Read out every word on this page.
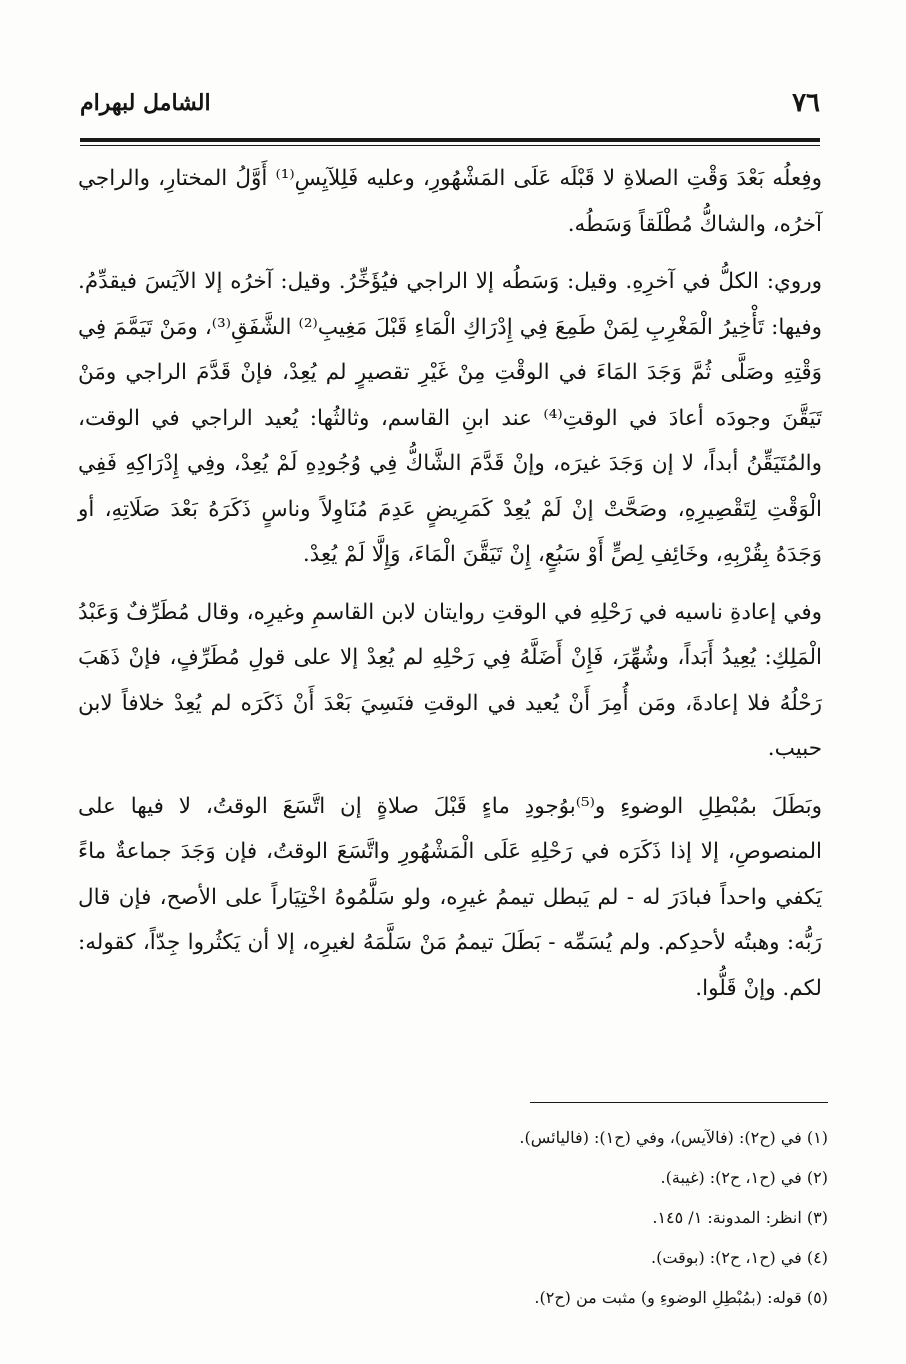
٧٦
الشامل لبهرام

وفِعلُه بَعْدَ وَقْتِ الصلاةِ لا قَبْلَه عَلَى المَشْهُورِ، وعليه فَلِلآيِسِ⁽¹⁾ أَوَّلُ المختارِ، والراجي آخرُه، والشاكُّ مُطْلَقاً وَسَطُه.

وروي: الكلُّ في آخرِهِ. وقيل: وَسَطُه إلا الراجي فيُؤَخِّرُ. وقيل: آخرُه إلا الآيَسَ فيقدِّمُ. وفيها: تَأْخِيرُ الْمَغْرِبِ لِمَنْ طَمِعَ فِي إِدْرَاكِ الْمَاءِ قَبْلَ مَغِيبِ⁽²⁾ الشَّفَقِ⁽³⁾، ومَنْ تَيَمَّمَ فِي وَقْتِهِ وصَلَّى ثُمَّ وَجَدَ المَاءَ في الوقْتِ مِنْ غَيْرِ تقصيرٍ لم يُعِدْ، فإنْ قَدَّمَ الراجي ومَنْ تَيَقَّنَ وجودَه أعادَ في الوقتِ⁽⁴⁾ عند ابنِ القاسم، وثالثُها: يُعيد الراجي في الوقت، والمُتَيَقِّنُ أبداً، لا إن وَجَدَ غيرَه، وإنْ قَدَّمَ الشَّاكُّ فِي وُجُودِهِ لَمْ يُعِدْ، وفِي إِدْرَاكِهِ فَفِي الْوَقْتِ لِتَقْصِيرِهِ، وصَحَّتْ إنْ لَمْ يُعِدْ كَمَرِيضٍ عَدِمَ مُنَاوِلاً وناسٍ ذَكَرَهُ بَعْدَ صَلَاتِهِ، أو وَجَدَهُ بِقُرْبِهِ، وخَائِفِ لِصٍّ أَوْ سَبُعٍ، إِنْ تَيَقَّنَ الْمَاءَ، وَإِلَّا لَمْ يُعِدْ.

وفي إعادةِ ناسيه في رَحْلِهِ في الوقتِ روايتان لابن القاسمِ وغيرِه، وقال مُطَرِّفٌ وَعَبْدُ الْمَلِكِ: يُعِيدُ أَبَداً، وشُهِّرَ، فَإِنْ أَضَلَّهُ فِي رَحْلِهِ لم يُعِدْ إلا على قولِ مُطَرِّفٍ، فإنْ ذَهَبَ رَحْلُهُ فلا إعادةَ، ومَن أُمِرَ أَنْ يُعيد في الوقتِ فنَسِيَ بَعْدَ أَنْ ذَكَرَه لم يُعِدْ خلافاً لابن حبيب.

وبَطَلَ بمُبْطِلِ الوضوءِ و⁽⁵⁾بوُجودِ ماءٍ قَبْلَ صلاةٍ إن اتَّسَعَ الوقتُ، لا فيها على المنصوصِ، إلا إذا ذَكَرَه في رَحْلِهِ عَلَى الْمَشْهُورِ واتَّسَعَ الوقتُ، فإن وَجَدَ جماعةٌ ماءً يَكفي واحداً فبادَرَ له - لم يَبطل تيممُ غيرِه، ولو سَلَّمُوهُ اخْتِيَاراً على الأصح، فإن قال رَبُّه: وهبتُه لأحدِكم. ولم يُسَمِّه - بَطَلَ تيممُ مَنْ سَلَّمَهُ لغيرِه، إلا أن يَكثُروا جِدّاً، كقوله: لكم. وإنْ قَلُّوا.

(١) في (ح٢): (فالآيس)، وفي (ح١): (فاليائس).
(٢) في (ح١، ح٢): (غيبة).
(٣) انظر: المدونة: ١/ ١٤٥.
(٤) في (ح١، ح٢): (بوقت).
(٥) قوله: (بمُبْطِلِ الوضوءِ و) مثبت من (ح٢).
